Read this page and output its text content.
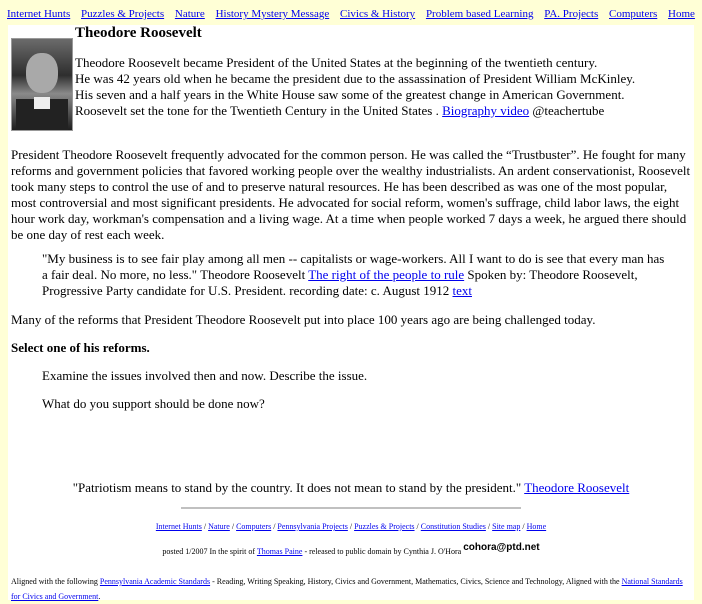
Internet Hunts Puzzles & Projects Nature History Mystery Message Civics & History Problem based Learning PA. Projects Computers Home
Theodore Roosevelt
Theodore Roosevelt became President of the United States at the beginning of the twentieth century.
He was 42 years old when he became the president due to the assassination of President William McKinley.
His seven and a half years in the White House saw some of the greatest change in American Government.
Roosevelt set the tone for the Twentieth Century in the United States . Biography video @teachertube
President Theodore Roosevelt frequently advocated for the common person. He was called the “Trustbuster”. He fought for many reforms and government policies that favored working people over the wealthy industrialists. An ardent conservationist, Roosevelt took many steps to control the use of and to preserve natural resources. He has been described as was one of the most popular, most controversial and most significant presidents. He advocated for social reform, women's suffrage, child labor laws, the eight hour work day, workman's compensation and a living wage. At a time when people worked 7 days a week, he argued there should be one day of rest each week.
"My business is to see fair play among all men -- capitalists or wage-workers. All I want to do is see that every man has a fair deal. No more, no less." Theodore Roosevelt The right of the people to rule Spoken by: Theodore Roosevelt, Progressive Party candidate for U.S. President. recording date: c. August 1912 text
Many of the reforms that President Theodore Roosevelt put into place 100 years ago are being challenged today.
Select one of his reforms.
Examine the issues involved then and now. Describe the issue.
What do you support should be done now?
"Patriotism means to stand by the country. It does not mean to stand by the president." Theodore Roosevelt
Internet Hunts / Nature / Computers / Pennsylvania Projects / Puzzles & Projects / Constitution Studies / Site map / Home
posted 1/2007 In the spirit of Thomas Paine - released to public domain by Cynthia J. O'Hora cohora@ptd.net
Aligned with the following Pennsylvania Academic Standards - Reading, Writing Speaking, History, Civics and Government, Mathematics, Civics, Science and Technology, Aligned with the National Standards for Civics and Government.
